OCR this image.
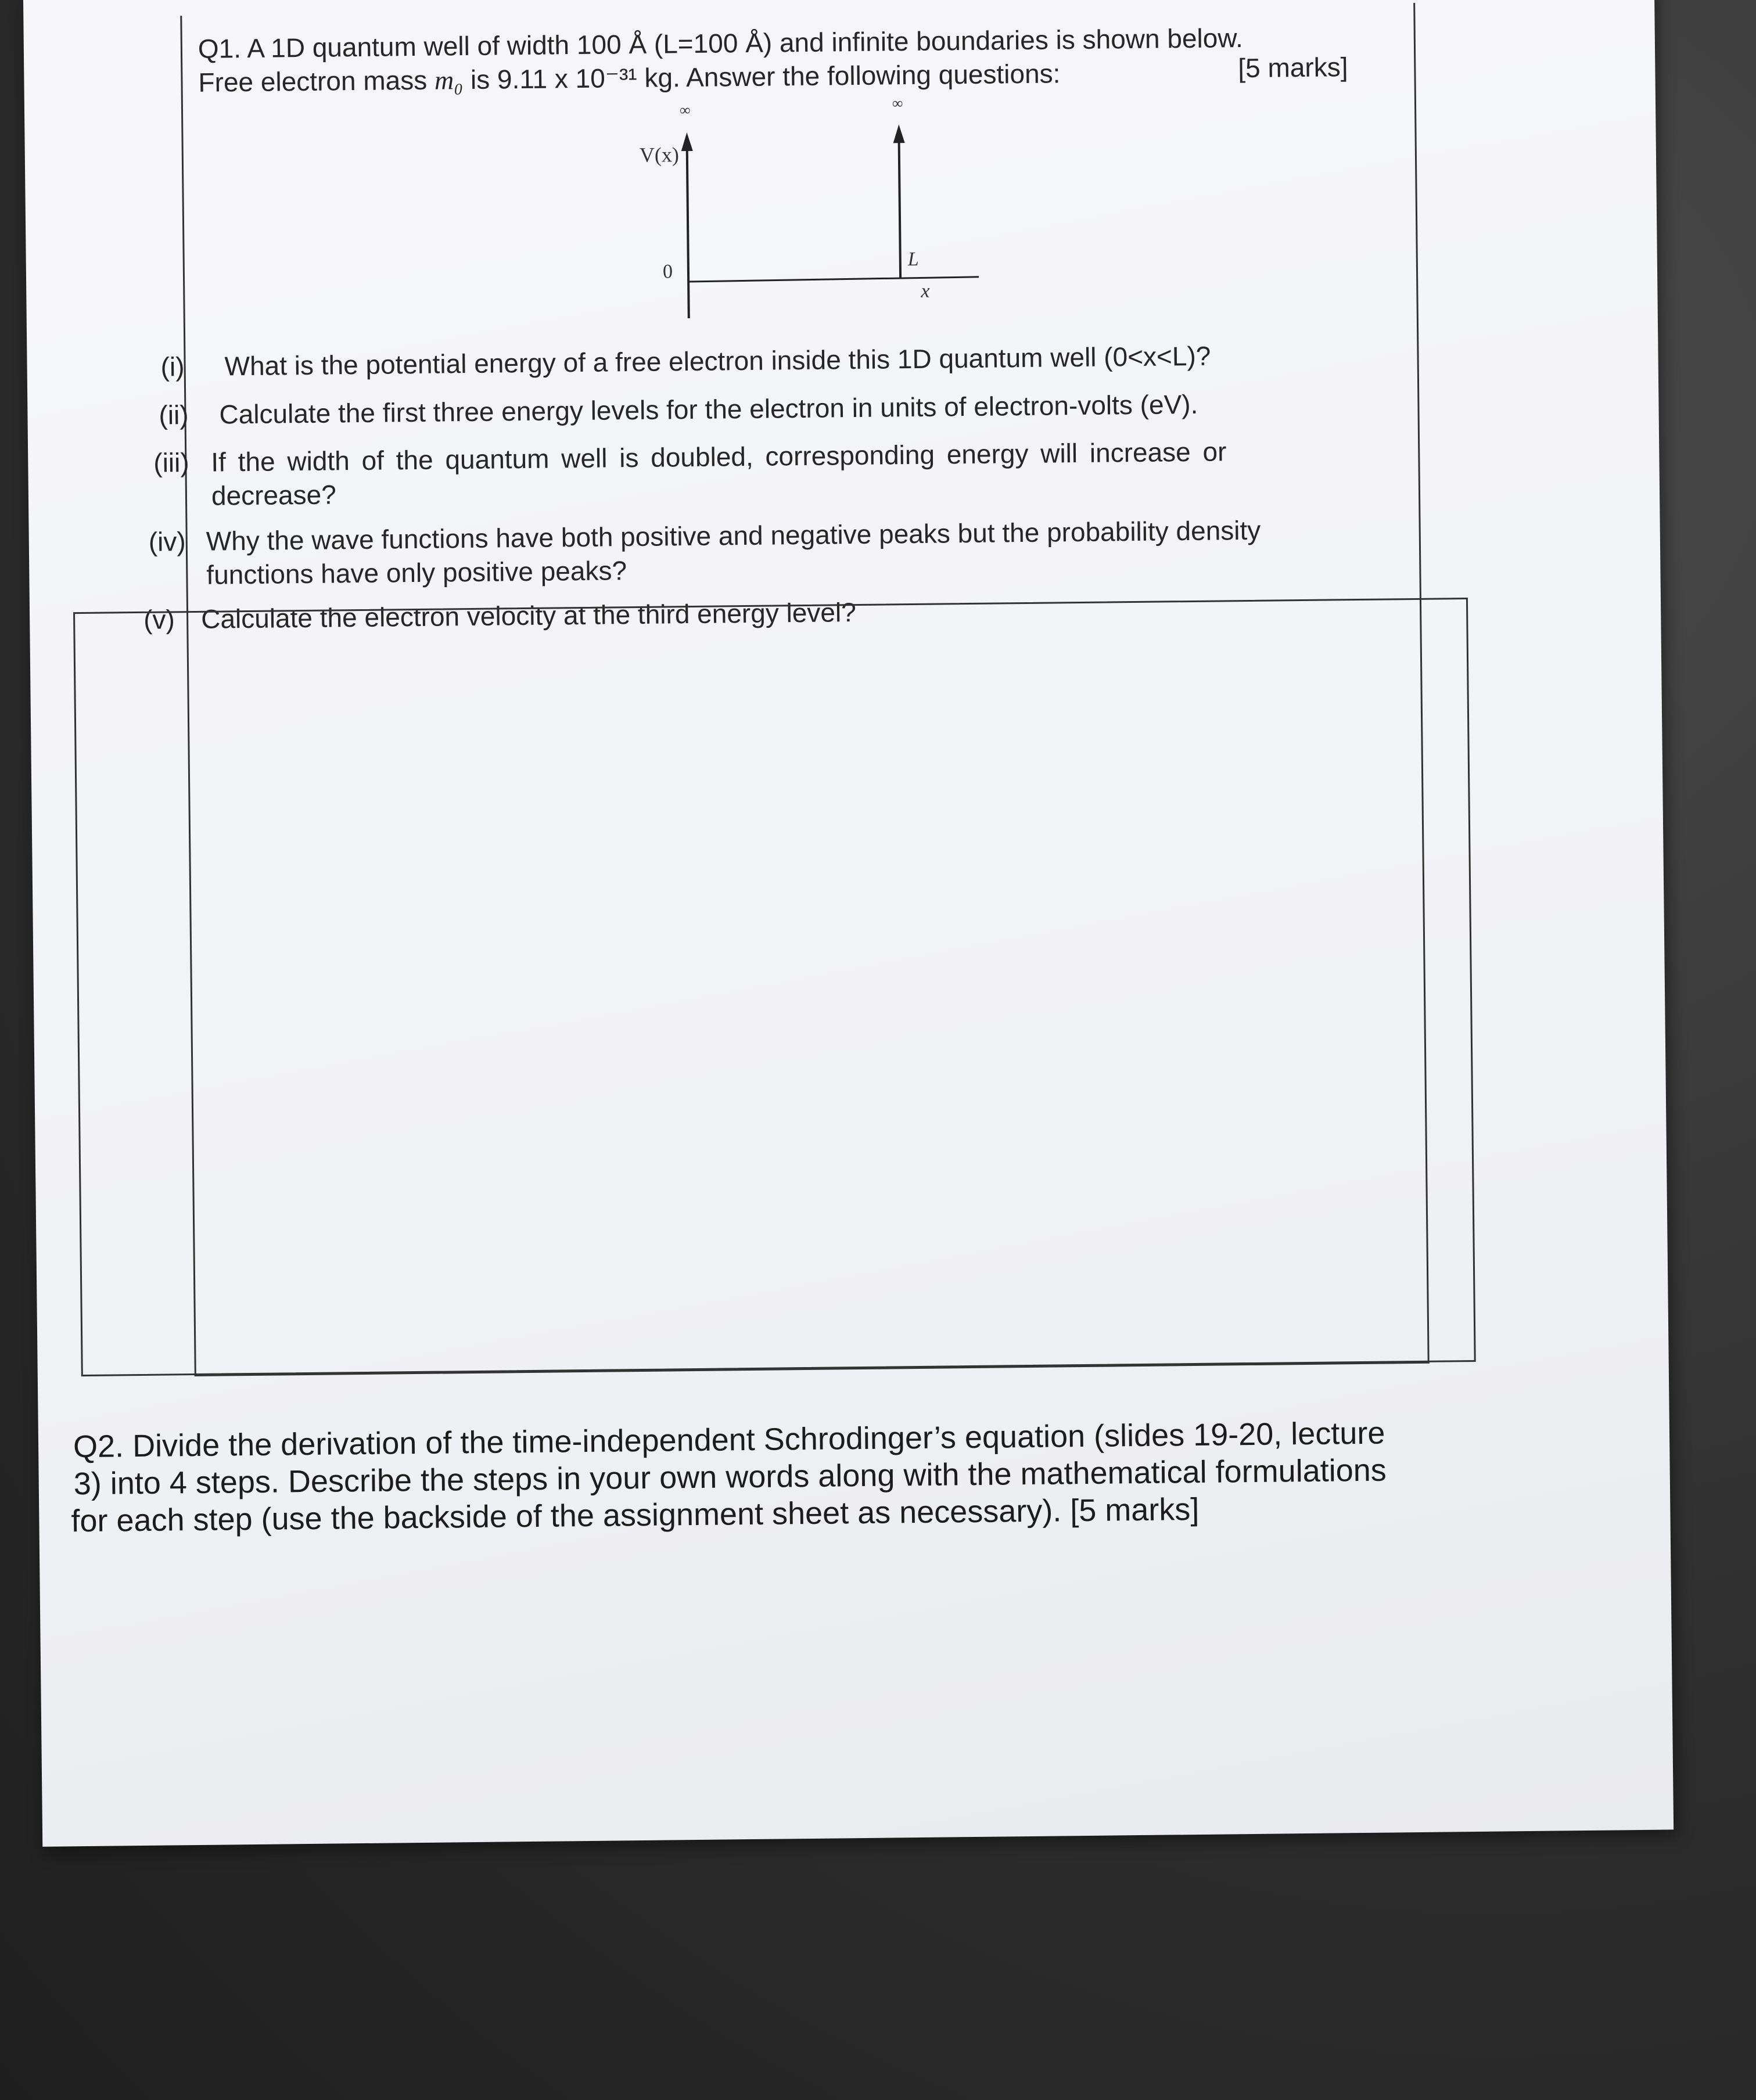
Q1. A 1D quantum well of width 100 Å (L=100 Å) and infinite boundaries is shown below.
Free electron mass m₀ is 9.11 x 10⁻³¹ kg. Answer the following questions:	[5 marks]
∞	∞
V(x)
0
L
x
(i) What is the potential energy of a free electron inside this 1D quantum well (0<x<L)?
(ii) Calculate the first three energy levels for the electron in units of electron-volts (eV).
(iii) If the width of the quantum well is doubled, corresponding energy will increase or
decrease?
(iv) Why the wave functions have both positive and negative peaks but the probability density
functions have only positive peaks?
(v) Calculate the electron velocity at the third energy level?
Q2. Divide the derivation of the time-independent Schrodinger’s equation (slides 19-20, lecture
3) into 4 steps. Describe the steps in your own words along with the mathematical formulations
for each step (use the backside of the assignment sheet as necessary). [5 marks]
